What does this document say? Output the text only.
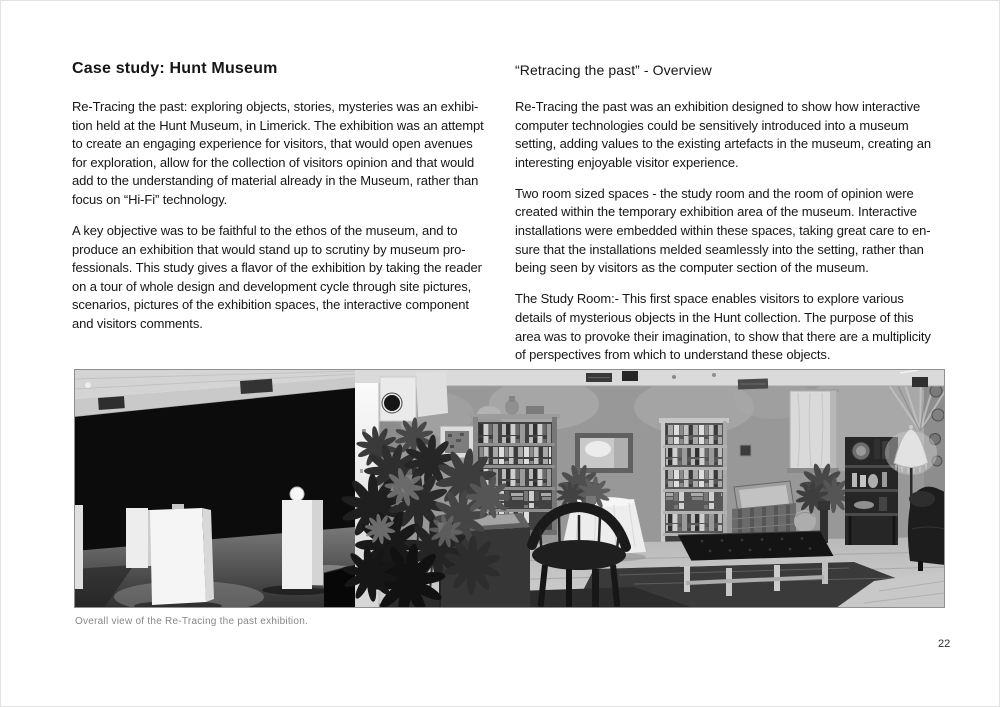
Case study: Hunt Museum
Re-Tracing the past: exploring objects, stories, mysteries was an exhibi-
tion held at the Hunt Museum, in Limerick. The exhibition was an attempt
to create an engaging experience for visitors, that would open avenues
for exploration, allow for the collection of visitors opinion and that would
add to the understanding of material already in the Museum, rather than
focus on “Hi-Fi” technology.
A key objective was to be faithful to the ethos of the museum, and to
produce an exhibition that would stand up to scrutiny by museum pro-
fessionals. This study gives a flavor of the exhibition by taking the reader
on a tour of whole design and development cycle through site pictures,
scenarios, pictures of the exhibition spaces, the interactive component
and visitors comments.
“Retracing the past” - Overview
Re-Tracing the past was an exhibition designed to show how interactive
computer technologies could be sensitively introduced into a museum
setting, adding values to the existing artefacts in the museum, creating an
interesting enjoyable visitor experience.
Two room sized spaces - the study room and the room of opinion were
created within the temporary exhibition area of the museum. Interactive
installations were embedded within these spaces, taking great care to en-
sure that the installations melded seamlessly into the setting, rather than
being seen by visitors as the computer section of the museum.
The Study Room:- This first space enables visitors to explore various
details of mysterious objects in the Hunt collection. The purpose of this
area was to provoke their imagination, to show that there are a multiplicity
of perspectives from which to understand these objects.
Overall view of the Re-Tracing the past exhibition.
22
